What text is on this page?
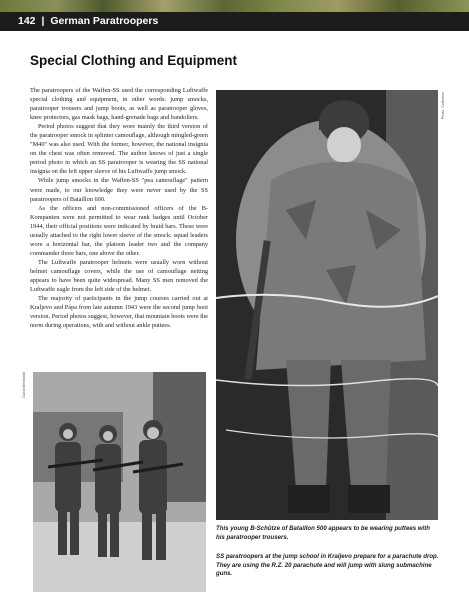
142 | German Paratroopers
Special Clothing and Equipment

The paratroopers of the Waffen-SS used the corresponding Luftwaffe special clothing and equipment, in other words: jump smocks, paratrooper trousers and jump boots, as well as paratrooper gloves, knee protectors, gas mask bags, hand-grenade bags and bandoliers.

Period photos suggest that they wore mainly the third version of the paratrooper smock in splinter camouflage, although mingled-green "M40" was also used. With the former, however, the national insignia on the chest was often removed. The author knows of just a single period photo in which an SS paratrooper is wearing the SS national insignia on the left upper sleeve of his Luftwaffe jump smock.

While jump smocks in the Waffen-SS "pea camouflage" pattern were made, to our knowledge they were never used by the SS paratroopers of Bataillon 600.

As the officers and non-commissioned officers of the B-Kompanien were not permitted to wear rank badges until October 1944, their official positions were indicated by braid bars. These were usually attached to the right lower sleeve of the smock: squad leaders wore a horizontal bar, the platoon leader two and the company commander three bars, one above the other.

The Luftwaffe paratrooper helmets were usually worn without helmet camouflage covers, while the use of camouflage netting appears to have been quite widespread. Many SS men removed the Luftwaffe eagle from the left side of the helmet.

The majority of participants in the jump courses carried out at Kraljevo and Pápa from late autumn 1943 were the second jump boot version. Period photos suggest, however, that mountain boots were the norm during operations, with and without ankle puttees.

Photo: Collection
This young B-Schütze of Bataillon 500 appears to be wearing puttees with his paratrooper trousers.
David Beckwold
SS paratroopers at the jump school in Kraljevo prepare for a parachute drop. They are using the R.Z. 20 parachute and will jump with slung submachine guns.
